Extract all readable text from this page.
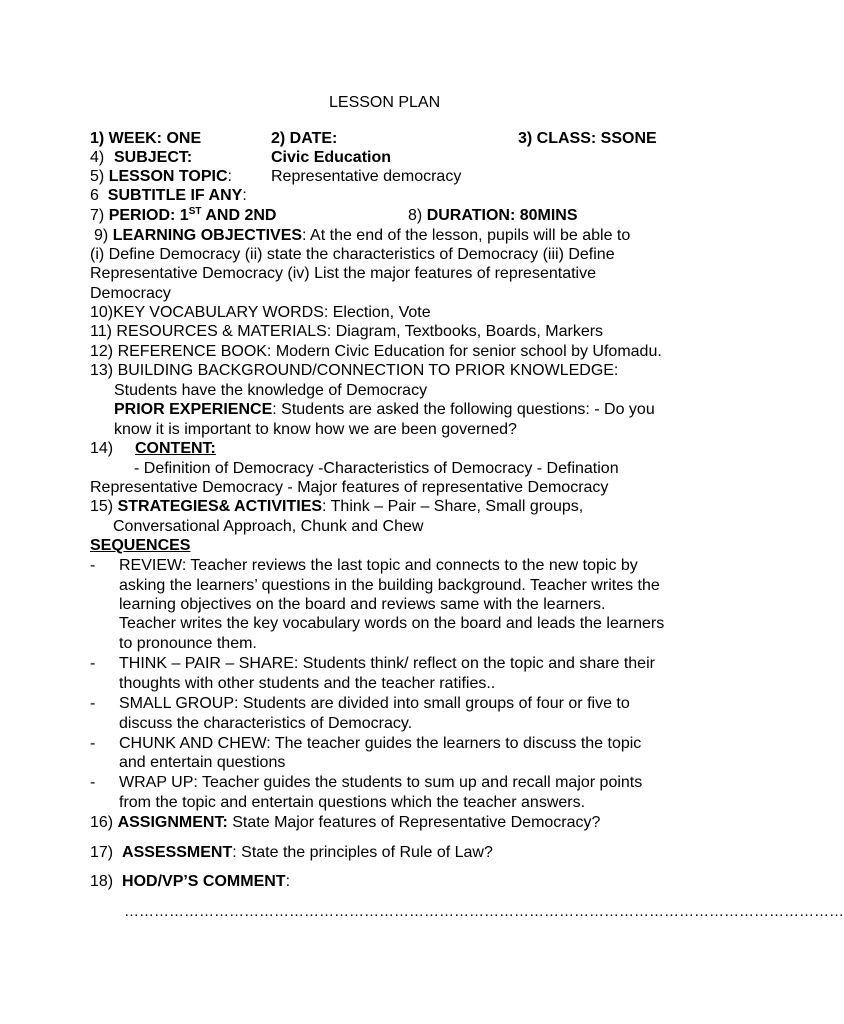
LESSON PLAN
1) WEEK: ONE	2) DATE:	3) CLASS: SSONE
4) SUBJECT:	Civic Education
5) LESSON TOPIC: Representative democracy
6 SUBTITLE IF ANY:
7) PERIOD: 1ST AND 2ND	8) DURATION: 80MINS
9) LEARNING OBJECTIVES: At the end of the lesson, pupils will be able to
(i) Define Democracy (ii) state the characteristics of Democracy (iii) Define
Representative Democracy (iv) List the major features of representative
Democracy
10)KEY VOCABULARY WORDS: Election, Vote
11) RESOURCES & MATERIALS: Diagram, Textbooks, Boards, Markers
12) REFERENCE BOOK: Modern Civic Education for senior school by Ufomadu.
13) BUILDING BACKGROUND/CONNECTION TO PRIOR KNOWLEDGE:
Students have the knowledge of Democracy
PRIOR EXPERIENCE: Students are asked the following questions: - Do you
know it is important to know how we are been governed?
14) CONTENT:
- Definition of Democracy -Characteristics of Democracy - Defination
Representative Democracy - Major features of representative Democracy
15) STRATEGIES& ACTIVITIES: Think – Pair – Share, Small groups,
Conversational Approach, Chunk and Chew
SEQUENCES
- REVIEW: Teacher reviews the last topic and connects to the new topic by
asking the learners’ questions in the building background. Teacher writes the
learning objectives on the board and reviews same with the learners.
Teacher writes the key vocabulary words on the board and leads the learners
to pronounce them.
- THINK – PAIR – SHARE: Students think/ reflect on the topic and share their
thoughts with other students and the teacher ratifies..
- SMALL GROUP: Students are divided into small groups of four or five to
discuss the characteristics of Democracy.
- CHUNK AND CHEW: The teacher guides the learners to discuss the topic
and entertain questions
- WRAP UP: Teacher guides the students to sum up and recall major points
from the topic and entertain questions which the teacher answers.
16) ASSIGNMENT: State Major features of Representative Democracy?
17) ASSESSMENT: State the principles of Rule of Law?
18) HOD/VP’S COMMENT:
………………………………………………………………………………………………………………………………
